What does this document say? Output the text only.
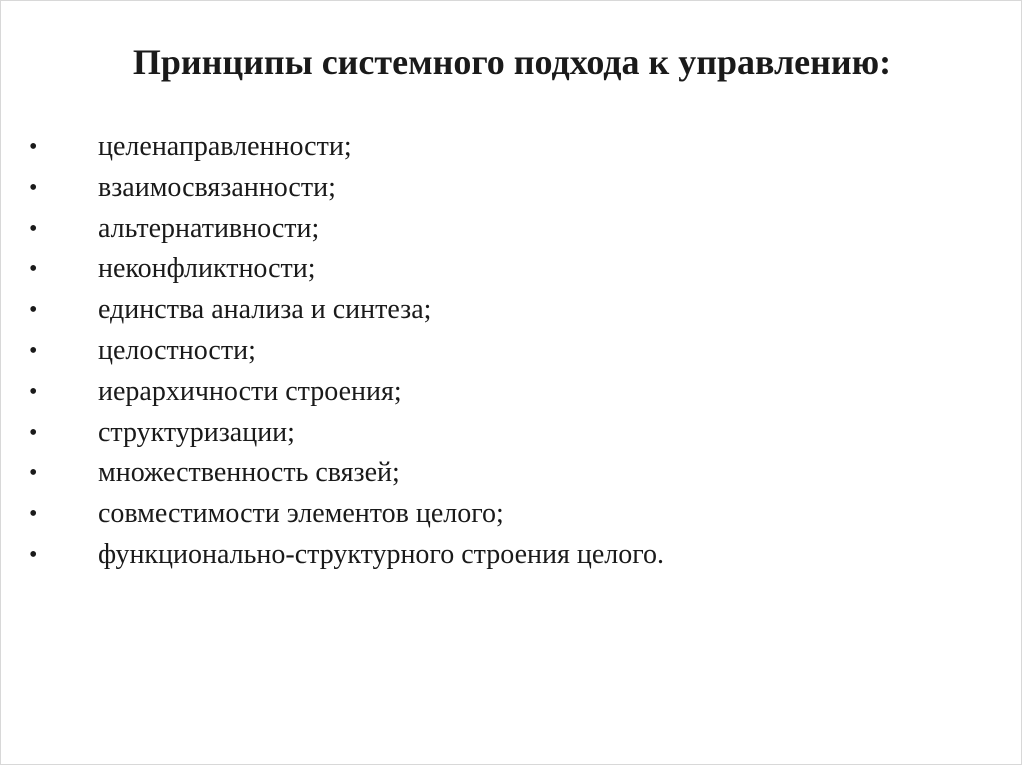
Принципы системного подхода к управлению:
•	целенаправленности;
•	взаимосвязанности;
•	альтернативности;
•	неконфликтности;
•	единства анализа и синтеза;
•	целостности;
•	иерархичности строения;
•	структуризации;
•	множественность связей;
•	совместимости элементов целого;
•	функционально-структурного строения целого.
